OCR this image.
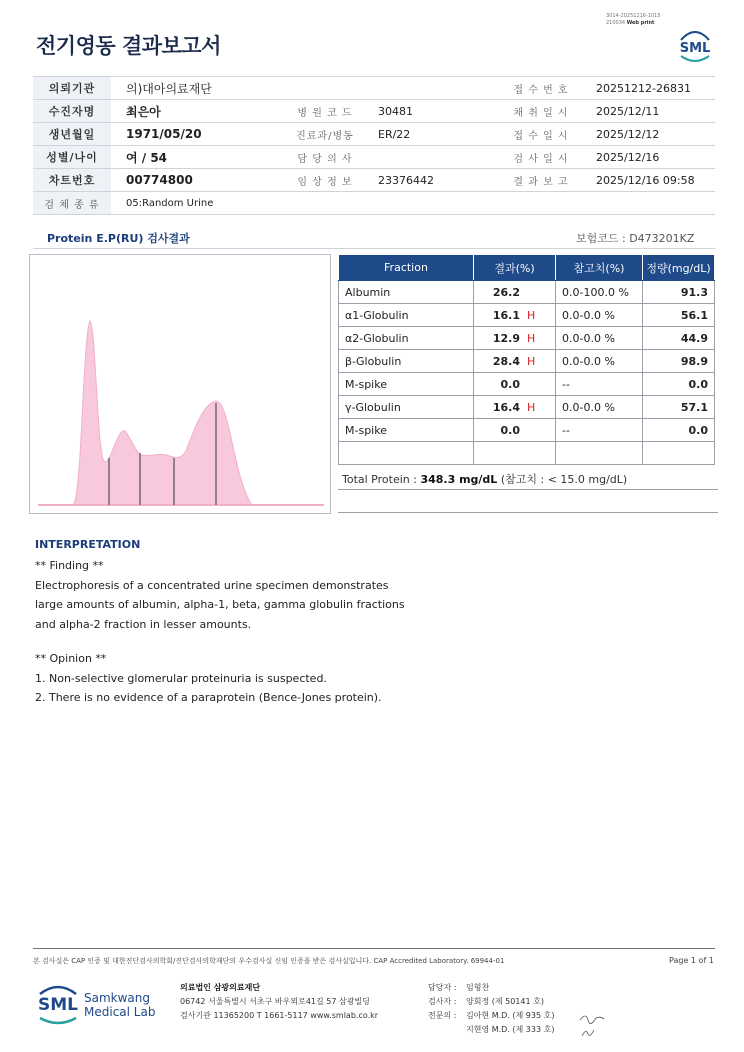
전기영동 결과보고서
3014-20251216-1015
210034 Web print
SML
의뢰기관	의)대아의료재단			접 수 번 호	20251212-26831
수진자명	최은아	병 원 코 드	30481	채 취 일 시	2025/12/11
생년월일	1971/05/20	진료과/병동	ER/22	접 수 일 시	2025/12/12
성별/나이	여 / 54	담 당 의 사		검 사 일 시	2025/12/16
차트번호	00774800	임 상 정 보	23376442	결 과 보 고	2025/12/16 09:58
검 체 종 류	05:Random Urine				
Protein E.P(RU) 검사결과	보험코드 : D473201KZ
Fraction	결과(%)	참고치(%)	정량(mg/dL)
Albumin	26.2	0.0-100.0 %	91.3
α1-Globulin	16.1 H	0.0-0.0 %	56.1
α2-Globulin	12.9 H	0.0-0.0 %	44.9
β-Globulin	28.4 H	0.0-0.0 %	98.9
M-spike	0.0	--	0.0
γ-Globulin	16.4 H	0.0-0.0 %	57.1
M-spike	0.0	--	0.0

Total Protein : 348.3 mg/dL (참고치 : < 15.0 mg/dL)
INTERPRETATION
** Finding **
Electrophoresis of a concentrated urine specimen demonstrates
large amounts of albumin, alpha-1, beta, gamma globulin fractions
and alpha-2 fraction in lesser amounts.
** Opinion **
1. Non-selective glomerular proteinuria is suspected.
2. There is no evidence of a paraprotein (Bence-Jones protein).
본 검사실은 CAP 인증 및 대한진단검사의학회/진단검사의학재단의 우수검사실 신임 인증을 받은 검사실입니다. CAP Accredited Laboratory. 69944-01	Page 1 of 1
SML Samkwang
Medical Lab
의료법인 삼광의료재단
06742 서울특별시 서초구 바우뫼로41길 57 삼광빌딩
검사기관 11365200 T 1661-5117 www.smlab.co.kr
담당자 : 임형찬
검사자 : 양회정 (제 50141 호)
전문의 : 김아현 M.D. (제 935 호)
지현영 M.D. (제 333 호)
